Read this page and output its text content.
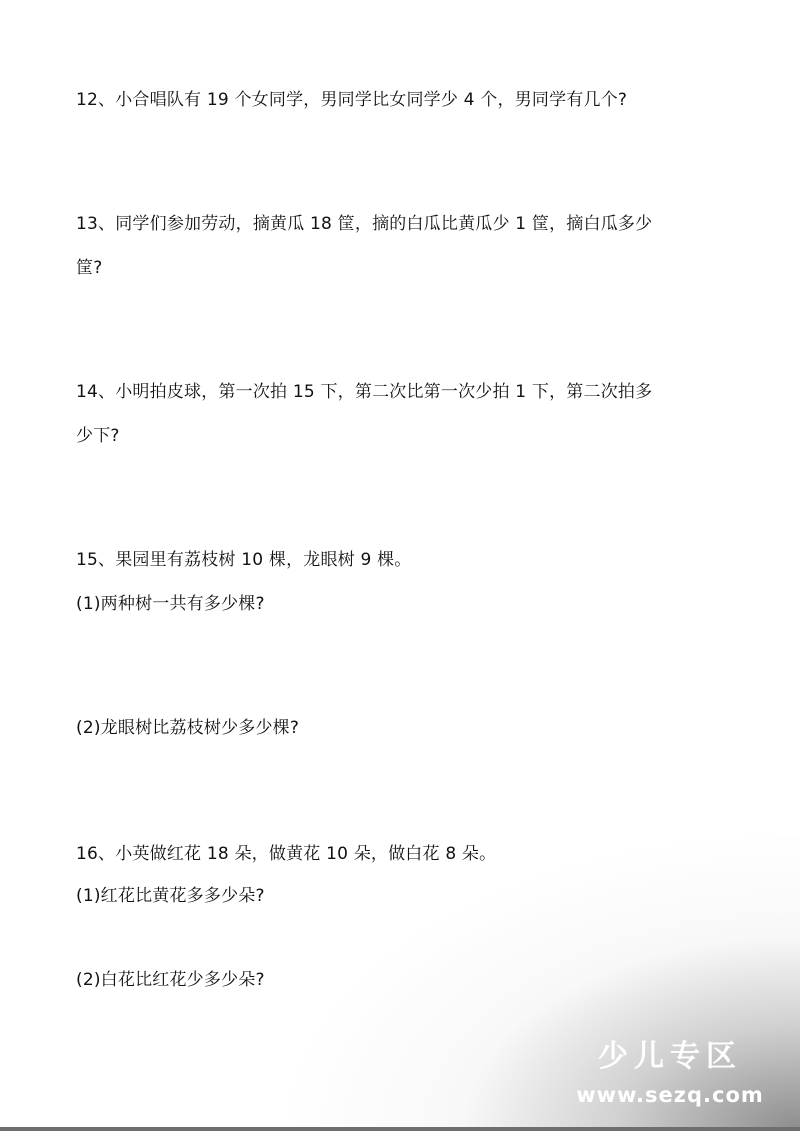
12、小合唱队有 19 个女同学，男同学比女同学少 4 个，男同学有几个?
13、同学们参加劳动，摘黄瓜 18 筐，摘的白瓜比黄瓜少 1 筐，摘白瓜多少
筐?
14、小明拍皮球，第一次拍 15 下，第二次比第一次少拍 1 下，第二次拍多
少下?
15、果园里有荔枝树 10 棵，龙眼树 9 棵。
(1)两种树一共有多少棵?
(2)龙眼树比荔枝树少多少棵?
16、小英做红花 18 朵，做黄花 10 朵，做白花 8 朵。
(1)红花比黄花多多少朵?
(2)白花比红花少多少朵?
少儿专区
www.sezq.com
